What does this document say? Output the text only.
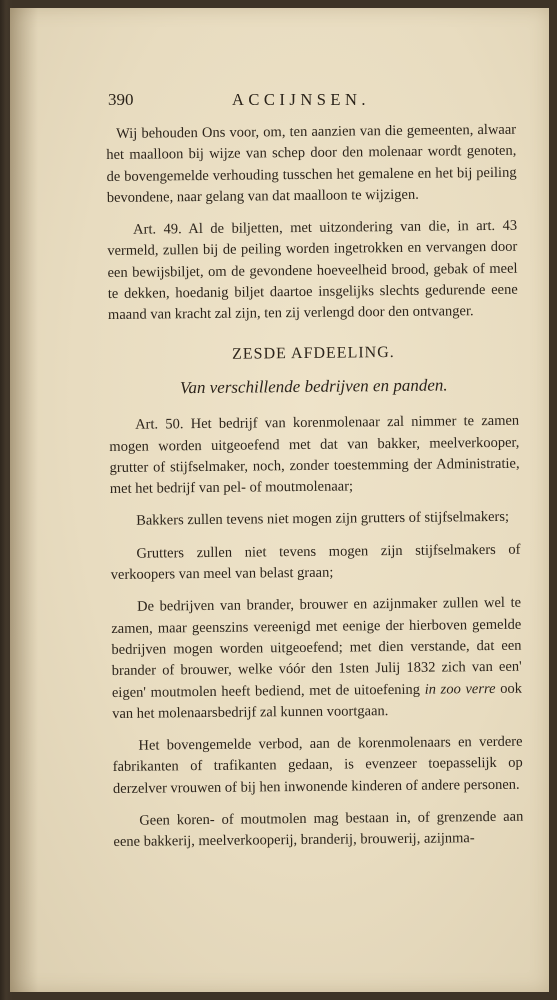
390	ACCIJNSEN.

Wij behouden Ons voor, om, ten aanzien van die gemeenten, alwaar het maalloon bij wijze van schep door den molenaar wordt genoten, de bovengemelde verhouding tusschen het gemalene en het bij peiling bevondene, naar gelang van dat maalloon te wijzigen.

Art. 49. Al de biljetten, met uitzondering van die, in art. 43 vermeld, zullen bij de peiling worden ingetrokken en vervangen door een bewijsbiljet, om de gevondene hoeveelheid brood, gebak of meel te dekken, hoedanig biljet daartoe insgelijks slechts gedurende eene maand van kracht zal zijn, ten zij verlengd door den ontvanger.

ZESDE AFDEELING.
Van verschillende bedrijven en panden.

Art. 50. Het bedrijf van korenmolenaar zal nimmer te zamen mogen worden uitgeoefend met dat van bakker, meelverkooper, grutter of stijfselmaker, noch, zonder toestemming der Administratie, met het bedrijf van pel- of moutmolenaar;

Bakkers zullen tevens niet mogen zijn grutters of stijfselmakers;

Grutters zullen niet tevens mogen zijn stijfselmakers of verkoopers van meel van belast graan;

De bedrijven van brander, brouwer en azijnmaker zullen wel te zamen, maar geenszins vereenigd met eenige der hierboven gemelde bedrijven mogen worden uitgeoefend; met dien verstande, dat een brander of brouwer, welke vóór den 1sten Julij 1832 zich van een' eigen' moutmolen heeft bediend, met de uitoefening in zoo verre ook van het molenaarsbedrijf zal kunnen voortgaan.

Het bovengemelde verbod, aan de korenmolenaars en verdere fabrikanten of trafikanten gedaan, is evenzeer toepasselijk op derzelver vrouwen of bij hen inwonende kinderen of andere personen.

Geen koren- of moutmolen mag bestaan in, of grenzende aan eene bakkerij, meelverkooperij, branderij, brouwerij, azijnma-
